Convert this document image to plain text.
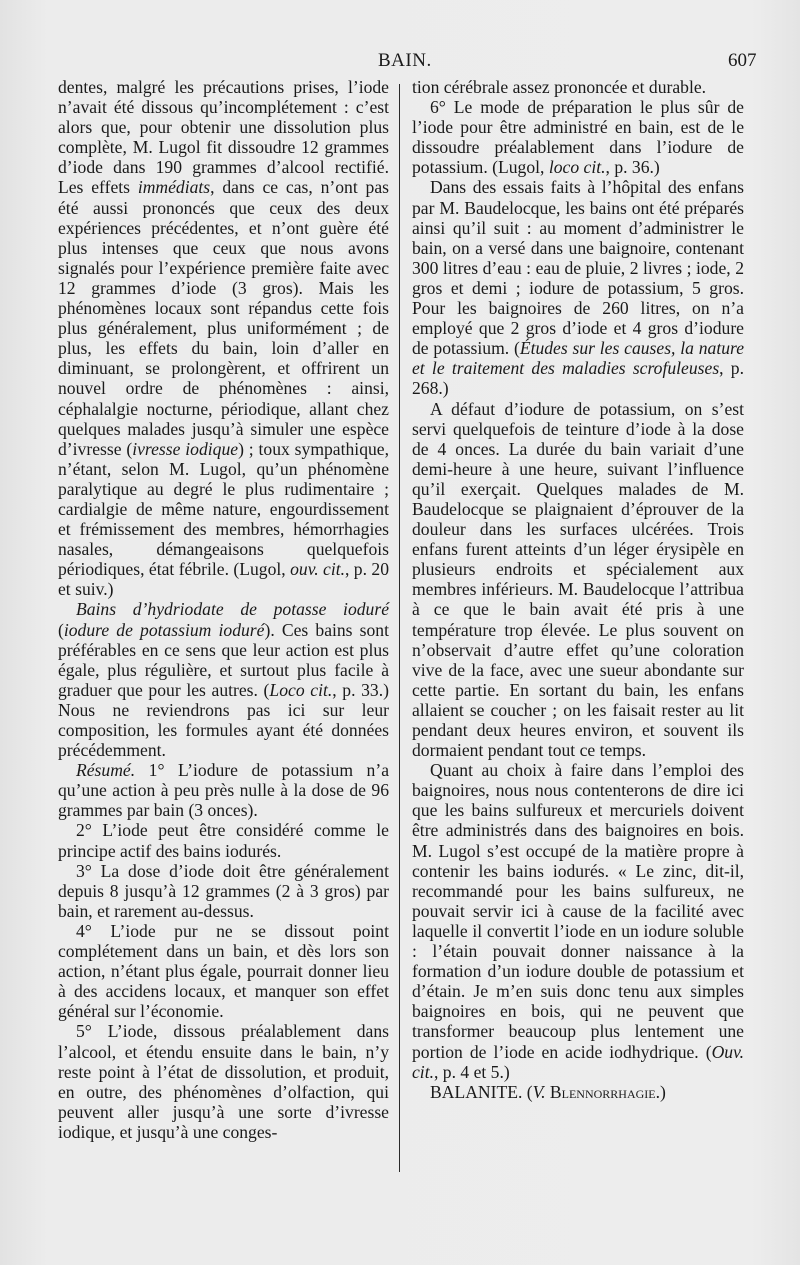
BAIN.	607

dentes, malgré les précautions prises, l’iode n’avait été dissous qu’incomplétement : c’est alors que, pour obtenir une dissolution plus complète, M. Lugol fit dissoudre 12 grammes d’iode dans 190 grammes d’alcool rectifié. Les effets immédiats, dans ce cas, n’ont pas été aussi prononcés que ceux des deux expériences précédentes, et n’ont guère été plus intenses que ceux que nous avons signalés pour l’expérience première faite avec 12 grammes d’iode (3 gros). Mais les phénomènes locaux sont répandus cette fois plus généralement, plus uniformément ; de plus, les effets du bain, loin d’aller en diminuant, se prolongèrent, et offrirent un nouvel ordre de phénomènes : ainsi, céphalalgie nocturne, périodique, allant chez quelques malades jusqu’à simuler une espèce d’ivresse (ivresse iodique) ; toux sympathique, n’étant, selon M. Lugol, qu’un phénomène paralytique au degré le plus rudimentaire ; cardialgie de même nature, engourdissement et frémissement des membres, hémorrhagies nasales, démangeaisons quelquefois périodiques, état fébrile. (Lugol, ouv. cit., p. 20 et suiv.)

Bains d’hydriodate de potasse ioduré (iodure de potassium ioduré). Ces bains sont préférables en ce sens que leur action est plus égale, plus régulière, et surtout plus facile à graduer que pour les autres. (Loco cit., p. 33.) Nous ne reviendrons pas ici sur leur composition, les formules ayant été données précédemment.

Résumé. 1° L’iodure de potassium n’a qu’une action à peu près nulle à la dose de 96 grammes par bain (3 onces).

2° L’iode peut être considéré comme le principe actif des bains iodurés.

3° La dose d’iode doit être généralement depuis 8 jusqu’à 12 grammes (2 à 3 gros) par bain, et rarement au-dessus.

4° L’iode pur ne se dissout point complétement dans un bain, et dès lors son action, n’étant plus égale, pourrait donner lieu à des accidens locaux, et manquer son effet général sur l’économie.

5° L’iode, dissous préalablement dans l’alcool, et étendu ensuite dans le bain, n’y reste point à l’état de dissolution, et produit, en outre, des phénomènes d’olfaction, qui peuvent aller jusqu’à une sorte d’ivresse iodique, et jusqu’à une conges-

tion cérébrale assez prononcée et durable.

6° Le mode de préparation le plus sûr de l’iode pour être administré en bain, est de le dissoudre préalablement dans l’iodure de potassium. (Lugol, loco cit., p. 36.)

Dans des essais faits à l’hôpital des enfans par M. Baudelocque, les bains ont été préparés ainsi qu’il suit : au moment d’administrer le bain, on a versé dans une baignoire, contenant 300 litres d’eau : eau de pluie, 2 livres ; iode, 2 gros et demi ; iodure de potassium, 5 gros. Pour les baignoires de 260 litres, on n’a employé que 2 gros d’iode et 4 gros d’iodure de potassium. (Études sur les causes, la nature et le traitement des maladies scrofuleuses, p. 268.)

A défaut d’iodure de potassium, on s’est servi quelquefois de teinture d’iode à la dose de 4 onces. La durée du bain variait d’une demi-heure à une heure, suivant l’influence qu’il exerçait. Quelques malades de M. Baudelocque se plaignaient d’éprouver de la douleur dans les surfaces ulcérées. Trois enfans furent atteints d’un léger érysipèle en plusieurs endroits et spécialement aux membres inférieurs. M. Baudelocque l’attribua à ce que le bain avait été pris à une température trop élevée. Le plus souvent on n’observait d’autre effet qu’une coloration vive de la face, avec une sueur abondante sur cette partie. En sortant du bain, les enfans allaient se coucher ; on les faisait rester au lit pendant deux heures environ, et souvent ils dormaient pendant tout ce temps.

Quant au choix à faire dans l’emploi des baignoires, nous nous contenterons de dire ici que les bains sulfureux et mercuriels doivent être administrés dans des baignoires en bois. M. Lugol s’est occupé de la matière propre à contenir les bains iodurés. « Le zinc, dit-il, recommandé pour les bains sulfureux, ne pouvait servir ici à cause de la facilité avec laquelle il convertit l’iode en un iodure soluble : l’étain pouvait donner naissance à la formation d’un iodure double de potassium et d’étain. Je m’en suis donc tenu aux simples baignoires en bois, qui ne peuvent que transformer beaucoup plus lentement une portion de l’iode en acide iodhydrique. (Ouv. cit., p. 4 et 5.)

BALANITE. (V. Blennorrhagie.)
